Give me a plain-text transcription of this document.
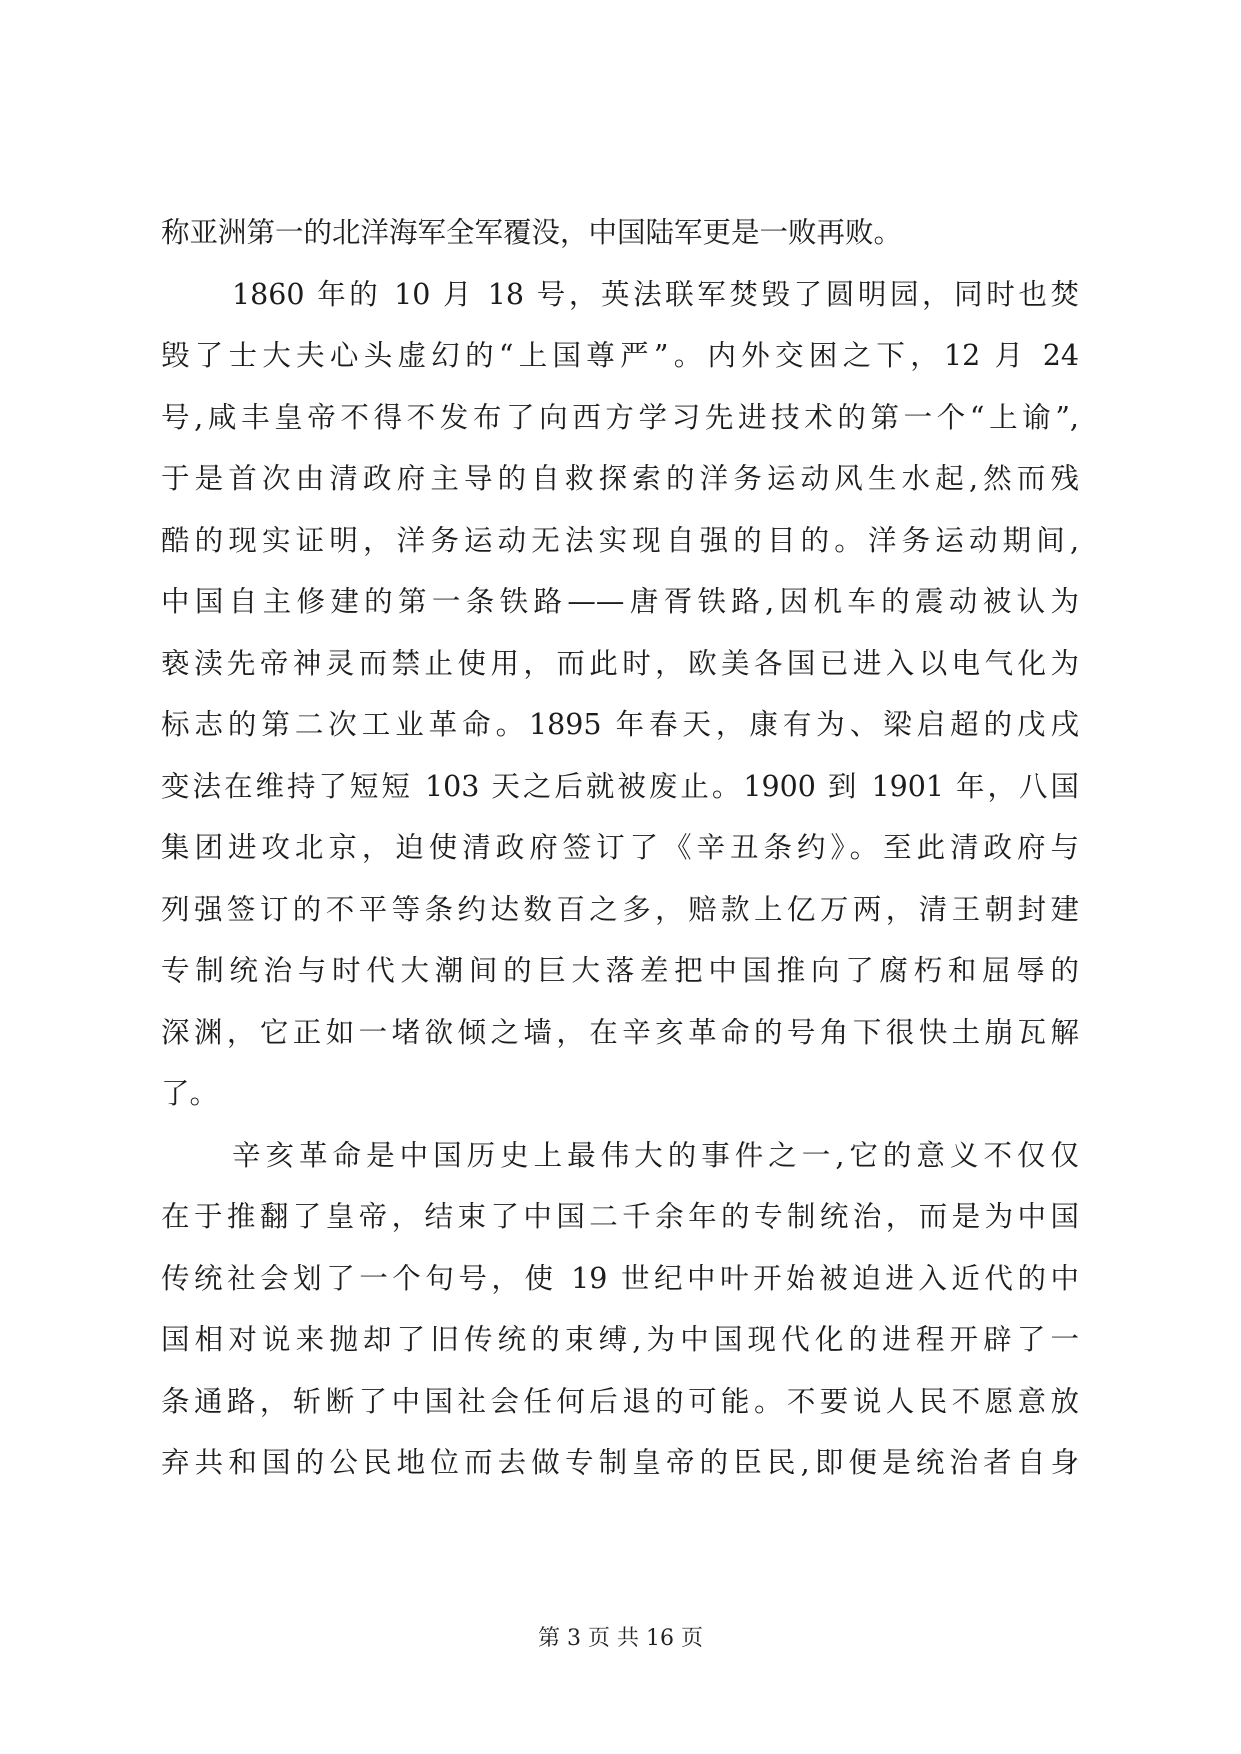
称亚洲第一的北洋海军全军覆没，中国陆军更是一败再败。
1860 年的 10 月 18 号，英法联军焚毁了圆明园，同时也焚
毁了士大夫心头虚幻的“上国尊严”。内外交困之下，12 月 24
号,咸丰皇帝不得不发布了向西方学习先进技术的第一个“上谕”,
于是首次由清政府主导的自救探索的洋务运动风生水起,然而残
酷的现实证明，洋务运动无法实现自强的目的。洋务运动期间,
中国自主修建的第一条铁路——唐胥铁路,因机车的震动被认为
亵渎先帝神灵而禁止使用，而此时，欧美各国已进入以电气化为
标志的第二次工业革命。1895 年春天，康有为、梁启超的戊戌
变法在维持了短短 103 天之后就被废止。1900 到 1901 年，八国
集团进攻北京，迫使清政府签订了《辛丑条约》。至此清政府与
列强签订的不平等条约达数百之多，赔款上亿万两，清王朝封建
专制统治与时代大潮间的巨大落差把中国推向了腐朽和屈辱的
深渊，它正如一堵欲倾之墙，在辛亥革命的号角下很快土崩瓦解
了。
辛亥革命是中国历史上最伟大的事件之一,它的意义不仅仅
在于推翻了皇帝，结束了中国二千余年的专制统治，而是为中国
传统社会划了一个句号，使 19 世纪中叶开始被迫进入近代的中
国相对说来抛却了旧传统的束缚,为中国现代化的进程开辟了一
条通路，斩断了中国社会任何后退的可能。不要说人民不愿意放
弃共和国的公民地位而去做专制皇帝的臣民,即便是统治者自身
第 3 页 共 16 页
